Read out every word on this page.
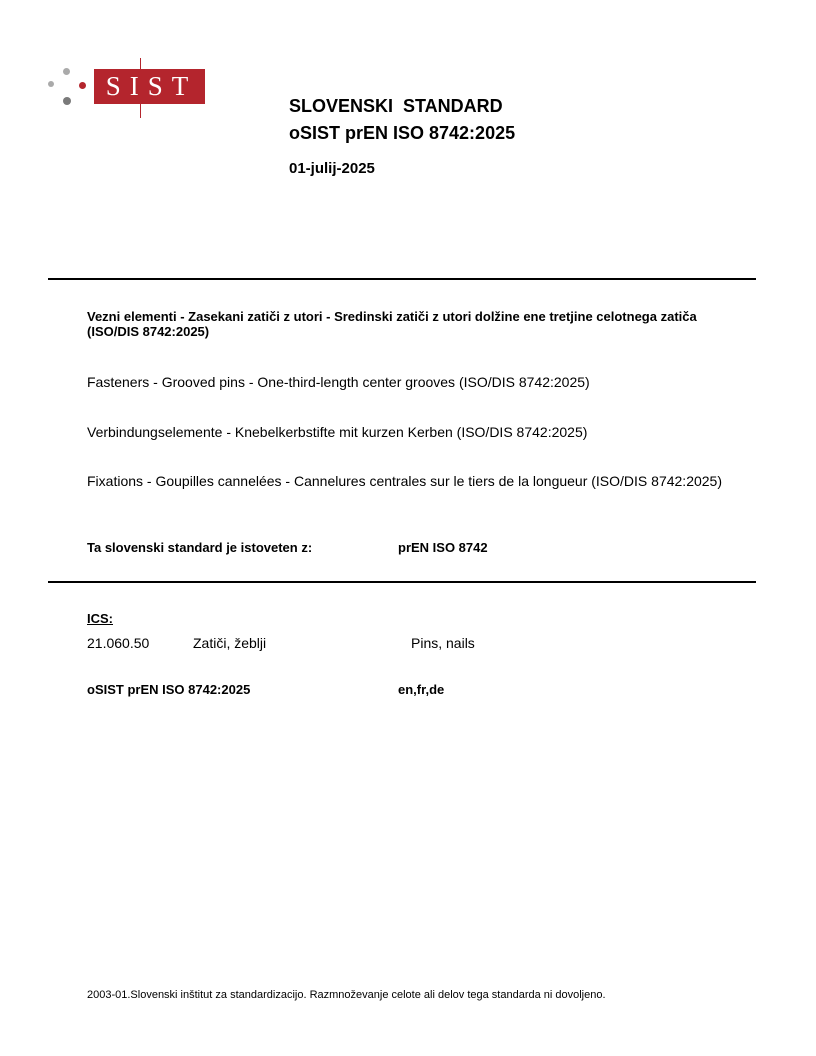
SIST
SLOVENSKI  STANDARD
oSIST prEN ISO 8742:2025
01-julij-2025
Vezni elementi - Zasekani zatiči z utori - Sredinski zatiči z utori dolžine ene tretjine celotnega zatiča (ISO/DIS 8742:2025)
Fasteners - Grooved pins - One-third-length center grooves (ISO/DIS 8742:2025)
Verbindungselemente - Knebelkerbstifte mit kurzen Kerben (ISO/DIS 8742:2025)
Fixations - Goupilles cannelées - Cannelures centrales sur le tiers de la longueur (ISO/DIS 8742:2025)
Ta slovenski standard je istoveten z:	prEN ISO 8742
ICS:
21.060.50	Zatiči, žeblji	Pins, nails
oSIST prEN ISO 8742:2025	en,fr,de
2003-01.Slovenski inštitut za standardizacijo. Razmnoževanje celote ali delov tega standarda ni dovoljeno.
